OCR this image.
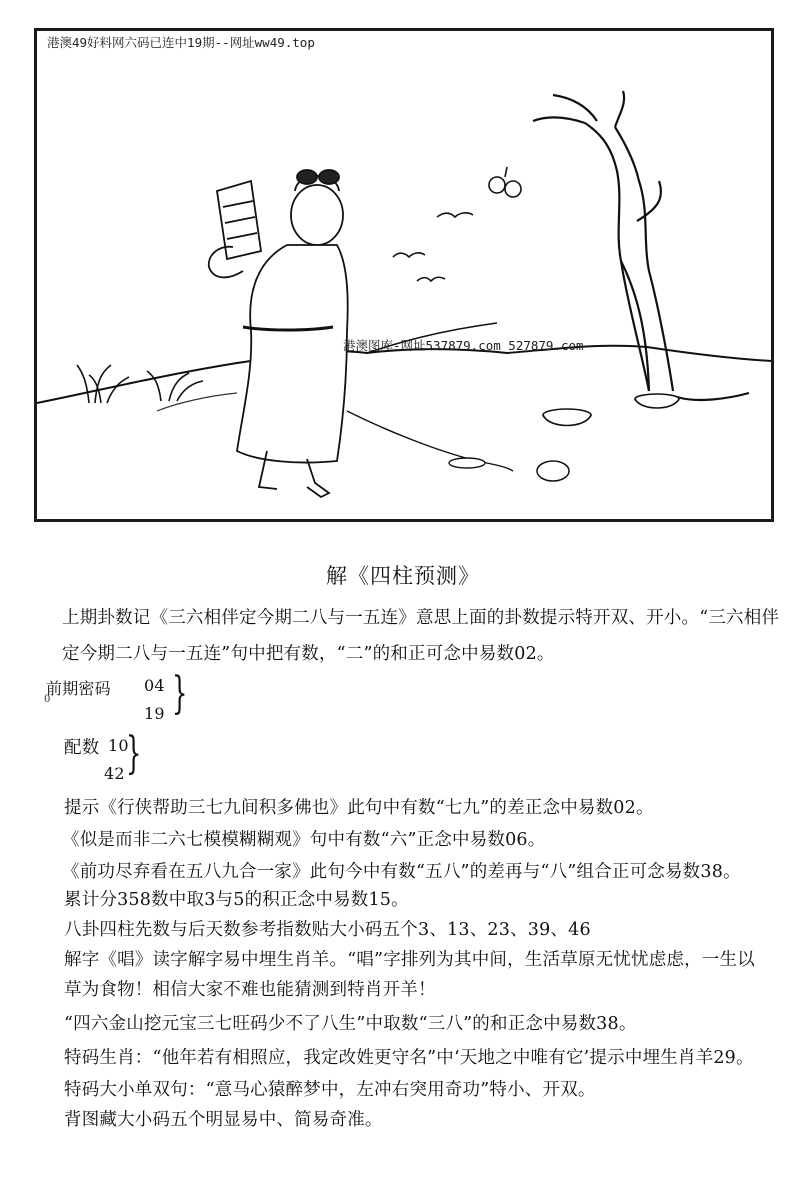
港澳49好料网六码已连中19期--网址ww49.top
港澳图库-网址537879.com 527879.com
解《四柱预测》
上期卦数记《三六相伴定今期二八与一五连》意思上面的卦数提示特开双、开小。“三六相伴
定今期二八与一五连”句中把有数，“二”的和正可念中易数02。
前期密码
0
04
19 }
配数 10
42 }
提示《行侠帮助三七九间积多佛也》此句中有数“七九”的差正念中易数02。
《似是而非二六七模模糊糊观》句中有数“六”正念中易数06。
《前功尽弃看在五八九合一家》此句今中有数“五八”的差再与“八”组合正可念易数38。
累计分358数中取3与5的积正念中易数15。
八卦四柱先数与后天数参考指数贴大小码五个3、13、23、39、46
解字《唱》读字解字易中埋生肖羊。“唱”字排列为其中间，生活草原无忧忧虑虑，一生以
草为食物！相信大家不难也能猜测到特肖开羊！
“四六金山挖元宝三七旺码少不了八生”中取数“三八”的和正念中易数38。
特码生肖：“他年若有相照应，我定改姓更守名”中‘天地之中唯有它’提示中埋生肖羊29。
特码大小单双句：“意马心猿醉梦中，左冲右突用奇功”特小、开双。
背图藏大小码五个明显易中、简易奇准。
